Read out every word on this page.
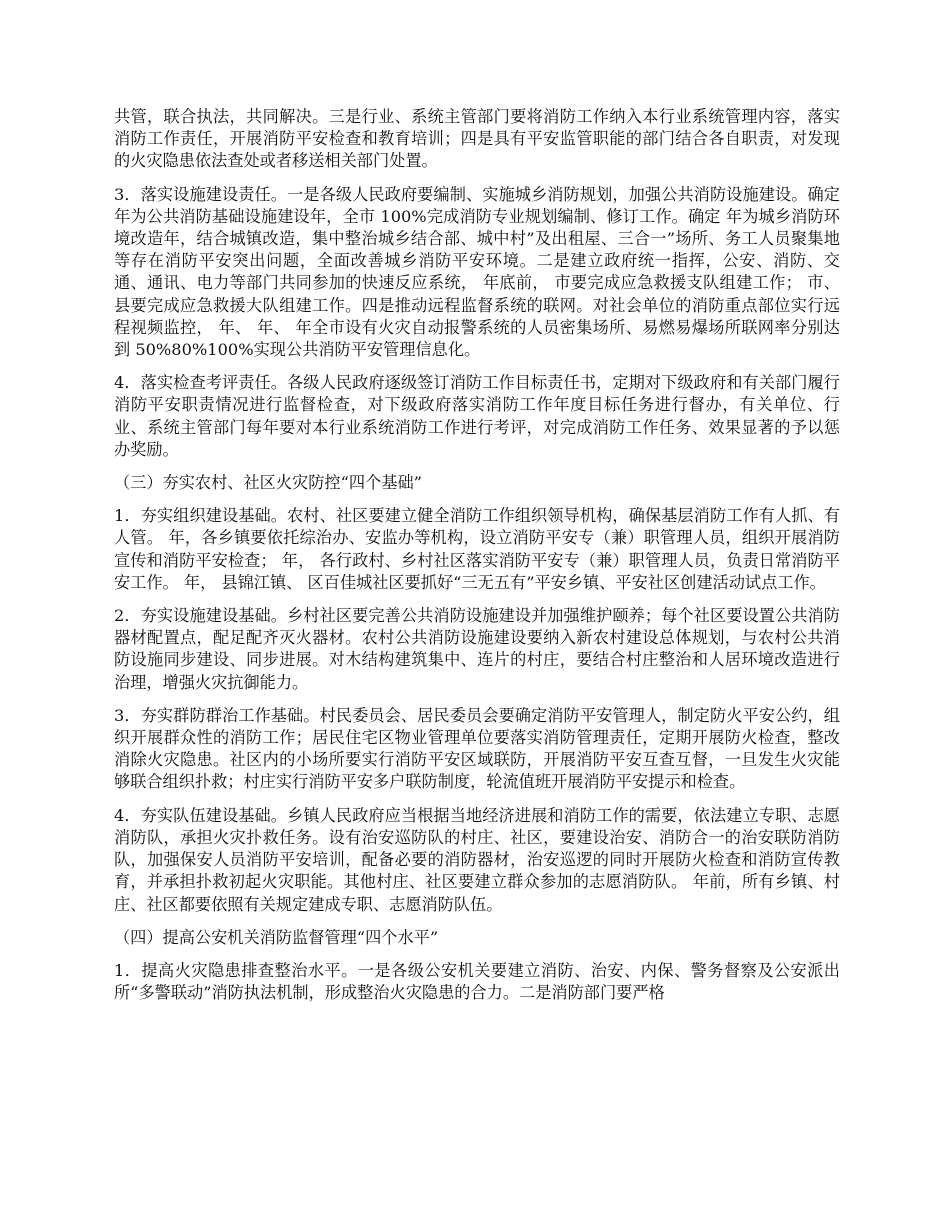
共管，联合执法，共同解决。三是行业、系统主管部门要将消防工作纳入本行业系统管理内容，落实消防工作责任，开展消防平安检查和教育培训；四是具有平安监管职能的部门结合各自职责，对发现的火灾隐患依法查处或者移送相关部门处置。

3．落实设施建设责任。一是各级人民政府要编制、实施城乡消防规划，加强公共消防设施建设。确定 年为公共消防基础设施建设年，全市 100%完成消防专业规划编制、修订工作。确定 年为城乡消防环境改造年，结合城镇改造，集中整治城乡结合部、城中村”及出租屋、三合一”场所、务工人员聚集地等存在消防平安突出问题，全面改善城乡消防平安环境。二是建立政府统一指挥，公安、消防、交通、通讯、电力等部门共同参加的快速反应系统， 年底前， 市要完成应急救援支队组建工作； 市、 县要完成应急救援大队组建工作。四是推动远程监督系统的联网。对社会单位的消防重点部位实行远程视频监控， 年、 年、 年全市设有火灾自动报警系统的人员密集场所、易燃易爆场所联网率分别达到 50%80%100%实现公共消防平安管理信息化。

4．落实检查考评责任。各级人民政府逐级签订消防工作目标责任书，定期对下级政府和有关部门履行消防平安职责情况进行监督检查，对下级政府落实消防工作年度目标任务进行督办，有关单位、行业、系统主管部门每年要对本行业系统消防工作进行考评，对完成消防工作任务、效果显著的予以惩办奖励。

（三）夯实农村、社区火灾防控“四个基础”

1．夯实组织建设基础。农村、社区要建立健全消防工作组织领导机构，确保基层消防工作有人抓、有人管。 年，各乡镇要依托综治办、安监办等机构，设立消防平安专（兼）职管理人员，组织开展消防宣传和消防平安检查； 年， 各行政村、乡村社区落实消防平安专（兼）职管理人员，负责日常消防平安工作。 年， 县锦江镇、 区百佳城社区要抓好“三无五有”平安乡镇、平安社区创建活动试点工作。

2．夯实设施建设基础。乡村社区要完善公共消防设施建设并加强维护颐养；每个社区要设置公共消防器材配置点，配足配齐灭火器材。农村公共消防设施建设要纳入新农村建设总体规划，与农村公共消防设施同步建设、同步进展。对木结构建筑集中、连片的村庄，要结合村庄整治和人居环境改造进行治理，增强火灾抗御能力。

3．夯实群防群治工作基础。村民委员会、居民委员会要确定消防平安管理人，制定防火平安公约，组织开展群众性的消防工作；居民住宅区物业管理单位要落实消防管理责任，定期开展防火检查，整改消除火灾隐患。社区内的小场所要实行消防平安区域联防，开展消防平安互查互督，一旦发生火灾能够联合组织扑救；村庄实行消防平安多户联防制度，轮流值班开展消防平安提示和检查。

4．夯实队伍建设基础。乡镇人民政府应当根据当地经济进展和消防工作的需要，依法建立专职、志愿消防队，承担火灾扑救任务。设有治安巡防队的村庄、社区，要建设治安、消防合一的治安联防消防队，加强保安人员消防平安培训，配备必要的消防器材，治安巡逻的同时开展防火检查和消防宣传教育，并承担扑救初起火灾职能。其他村庄、社区要建立群众参加的志愿消防队。 年前，所有乡镇、村庄、社区都要依照有关规定建成专职、志愿消防队伍。

（四）提高公安机关消防监督管理“四个水平”

1．提高火灾隐患排查整治水平。一是各级公安机关要建立消防、治安、内保、警务督察及公安派出所“多警联动”消防执法机制，形成整治火灾隐患的合力。二是消防部门要严格
